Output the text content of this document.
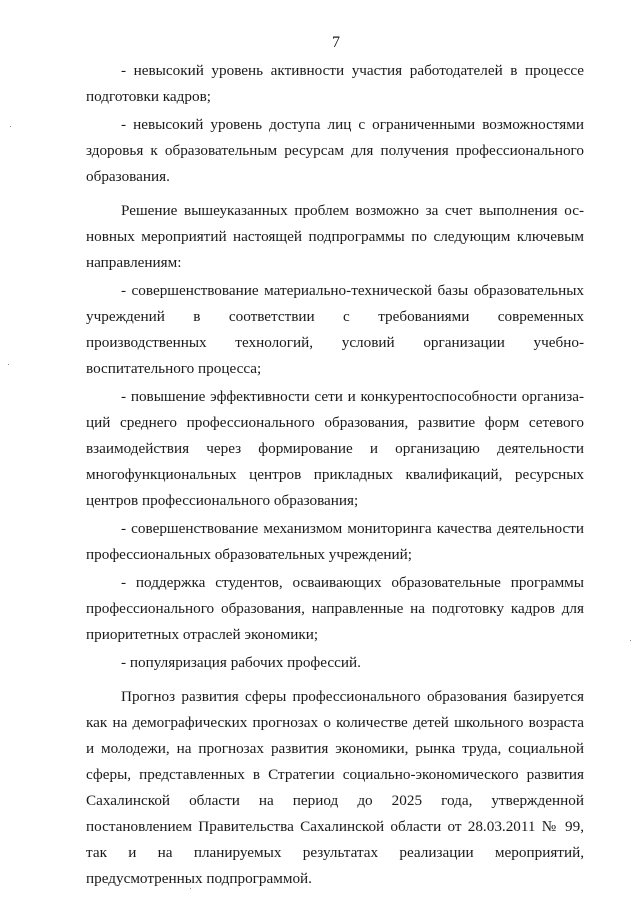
7

- невысокий уровень активности участия работодателей в процессе подготовки кадров;

- невысокий уровень доступа лиц с ограниченными возможностями здоровья к образовательным ресурсам для получения профессионального образования.

Решение вышеуказанных проблем возможно за счет выполнения основных мероприятий настоящей подпрограммы по следующим ключевым направлениям:

- совершенствование материально-технической базы образовательных учреждений в соответствии с требованиями современных производственных технологий, условий организации учебно-воспитательного процесса;

- повышение эффективности сети и конкурентоспособности организаций среднего профессионального образования, развитие форм сетевого взаимодействия через формирование и организацию деятельности многофункциональных центров прикладных квалификаций, ресурсных центров профессионального образования;

- совершенствование механизмом мониторинга качества деятельности профессиональных образовательных учреждений;

- поддержка студентов, осваивающих образовательные программы профессионального образования, направленные на подготовку кадров для приоритетных отраслей экономики;

- популяризация рабочих профессий.

Прогноз развития сферы профессионального образования базируется как на демографических прогнозах о количестве детей школьного возраста и молодежи, на прогнозах развития экономики, рынка труда, социальной сферы, представленных в Стратегии социально-экономического развития Сахалинской области на период до 2025 года, утвержденной постановлением Правительства Сахалинской области от 28.03.2011 № 99, так и на планируемых результатах реализации мероприятий, предусмотренных подпрограммой.
